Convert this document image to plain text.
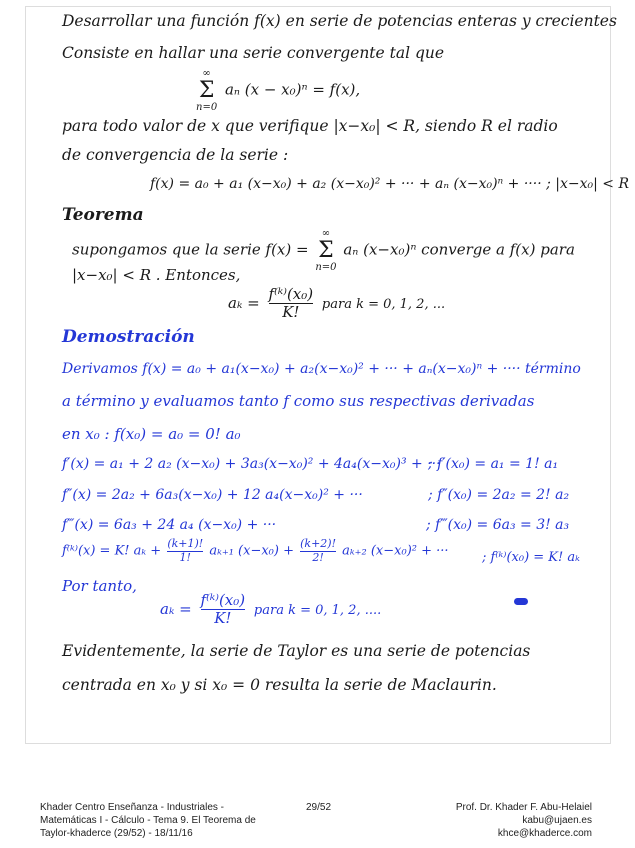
Desarrollar una función f(x) en serie de potencias enteras y crecientes
Consiste en hallar una serie convergente tal que
∞
Σ
n=0
aₙ (x − x₀)ⁿ = f(x),
para todo valor de x que verifique |x−x₀| < R, siendo R el radio
de convergencia de la serie :
f(x) = a₀ + a₁ (x−x₀) + a₂ (x−x₀)² + ··· + aₙ (x−x₀)ⁿ + ···· ; |x−x₀| < R
Teorema
supongamos que la serie f(x) =
∞
Σ
n=0
aₙ (x−x₀)ⁿ converge a f(x) para
|x−x₀| < R . Entonces,
$a_k = \frac{\text{f⁽ᵏ⁾(x₀)}}{K!}$ para k = 0, 1, 2, ...
Demostración
Derivamos f(x) = a₀ + a₁(x−x₀) + a₂(x−x₀)² + ··· + aₙ(x−x₀)ⁿ + ···· término
a término y evaluamos tanto f como sus respectivas derivadas
en x₀ : f(x₀) = a₀ = 0! a₀
f′(x) = a₁ + 2 a₂ (x−x₀) + 3a₃(x−x₀)² + 4a₄(x−x₀)³ + ···
; f′(x₀) = a₁ = 1! a₁
f″(x) = 2a₂ + 6a₃(x−x₀) + 12 a₄(x−x₀)² + ···	; f″(x₀) = 2a₂ = 2! a₂
f‴(x) = 6a₃ + 24 a₄ (x−x₀) + ···	; f‴(x₀) = 6a₃ = 3! a₃
f⁽ᵏ⁾(x) = K! $a_k + \frac{(k+1)!}{1!} a_{k+1}$ $(x-x_0) + \frac{(k+2)!}{2!} a_{k+2}$ (x−x₀)² + ···	; f⁽ᵏ⁾(x₀) = K! aₖ
Por tanto,
$a_k = \frac{\text{f⁽ᵏ⁾(x₀)}}{K!}$ para k = 0, 1, 2, ....
Evidentemente, la serie de Taylor es una serie de potencias
centrada en x₀ y si x₀ = 0 resulta la serie de Maclaurin.
Khader Centro Enseñanza - Industriales -
Matemáticas I - Cálculo - Tema 9. El Teorema de
Taylor-khaderce (29/52) - 18/11/16
29/52	Prof. Dr. Khader F. Abu-Helaiel
kabu@ujaen.es
khce@khaderce.com
